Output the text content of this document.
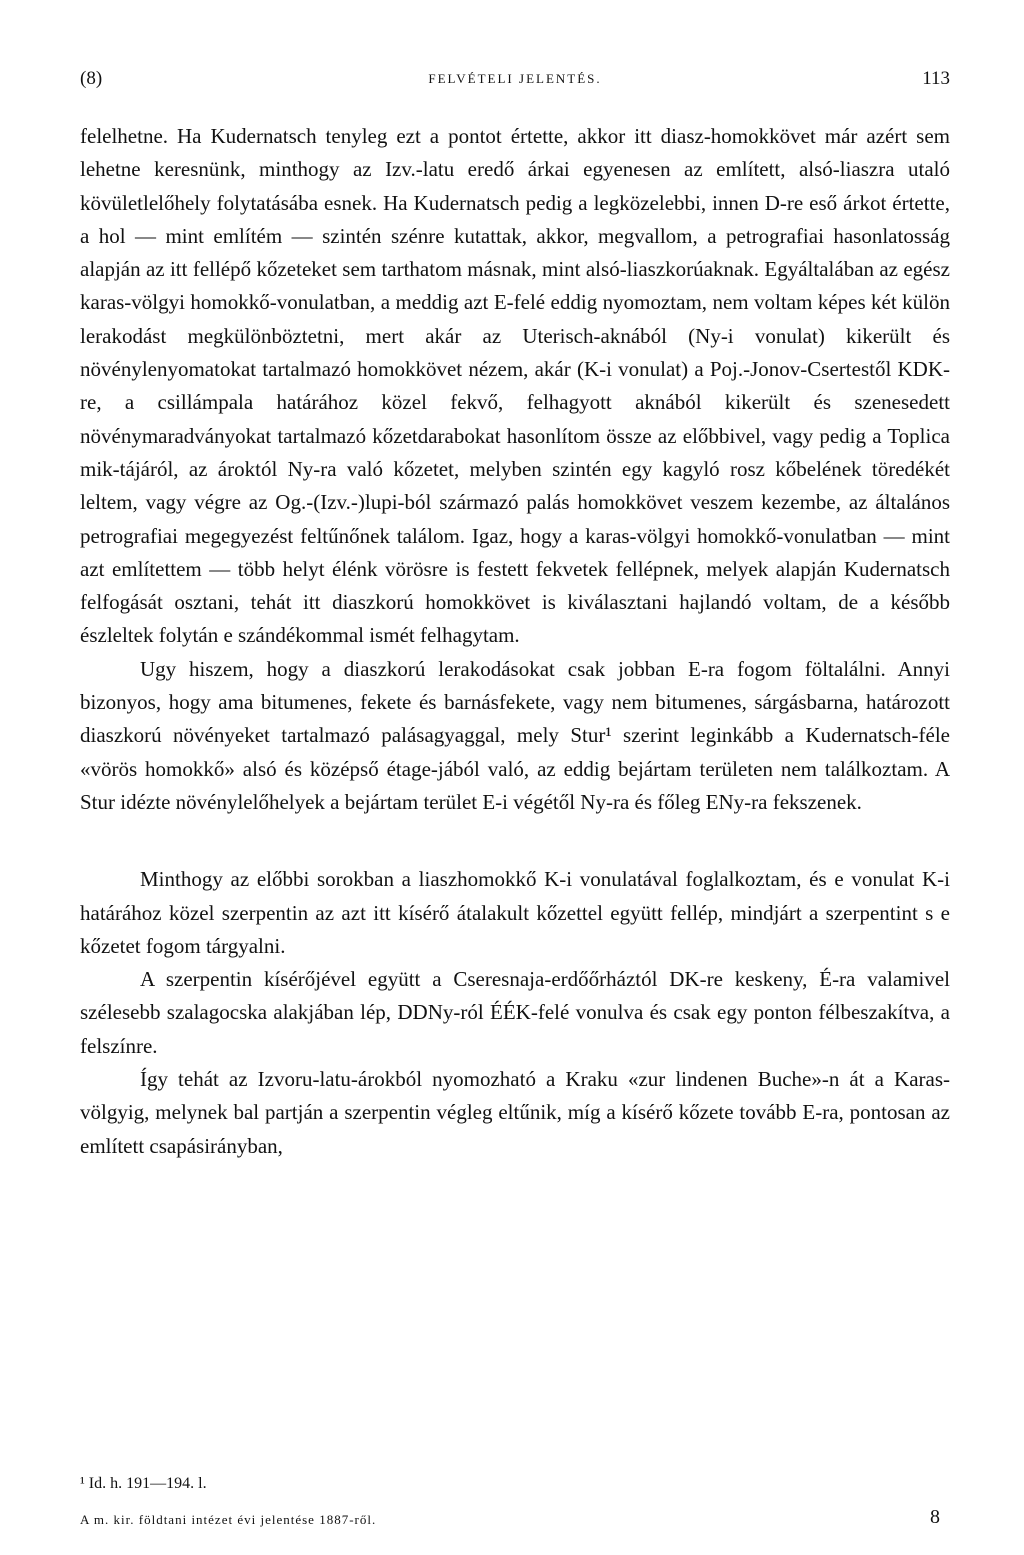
(8)	FELVÉTELI JELENTÉS.	113

felelhetne. Ha Kudernatsch tenyleg ezt a pontot értette, akkor itt diasz-homokkövet már azért sem lehetne keresnünk, minthogy az Izv.-latu eredő árkai egyenesen az említett, alsó-liaszra utaló kövületlelőhely folytatásába esnek. Ha Kudernatsch pedig a legközelebbi, innen D-re eső árkot értette, a hol — mint említém — szintén szénre kutattak, akkor, megvallom, a petrografiai hasonlatosság alapján az itt fellépő kőzeteket sem tarthatom másnak, mint alsó-liaszkorúaknak. Egyáltalában az egész karas-völgyi homokkő-vonulatban, a meddig azt E-felé eddig nyomoztam, nem voltam képes két külön lerakodást megkülönböztetni, mert akár az Uterisch-aknából (Ny-i vonulat) kikerült és növénylenyomatokat tartalmazó homokkövet nézem, akár (K-i vonulat) a Poj.-Jonov-Csertestől KDK-re, a csillámpala határához közel fekvő, felhagyott aknából kikerült és szenesedett növénymaradványokat tartalmazó kőzetdarabokat hasonlítom össze az előbbivel, vagy pedig a Toplica mik-tájáról, az ároktól Ny-ra való kőzetet, melyben szintén egy kagyló rosz kőbelének töredékét leltem, vagy végre az Og.-(Izv.-)lupi-ból származó palás homokkövet veszem kezembe, az általános petrografiai megegyezést feltűnőnek találom. Igaz, hogy a karas-völgyi homokkő-vonulatban — mint azt említettem — több helyt élénk vörösre is festett fekvetek fellépnek, melyek alapján Kudernatsch felfogását osztani, tehát itt diaszkorú homokkövet is kiválasztani hajlandó voltam, de a később észleltek folytán e szándékommal ismét felhagytam.

Ugy hiszem, hogy a diaszkorú lerakodásokat csak jobban E-ra fogom föltalálni. Annyi bizonyos, hogy ama bitumenes, fekete és barnásfekete, vagy nem bitumenes, sárgásbarna, határozott diaszkorú növényeket tartalmazó palásagyaggal, mely Stur¹ szerint leginkább a Kudernatsch-féle «vörös homokkő» alsó és középső étage-jából való, az eddig bejártam területen nem találkoztam. A Stur idézte növénylelőhelyek a bejártam terület E-i végétől Ny-ra és főleg ENy-ra fekszenek.

Minthogy az előbbi sorokban a liaszhomokkő K-i vonulatával foglalkoztam, és e vonulat K-i határához közel szerpentin az azt itt kísérő átalakult kőzettel együtt fellép, mindjárt a szerpentint s e kőzetet fogom tárgyalni.

A szerpentin kísérőjével együtt a Cseresnaja-erdőőrháztól DK-re keskeny, É-ra valamivel szélesebb szalagocska alakjában lép, DDNy-ról ÉÉK-felé vonulva és csak egy ponton félbeszakítva, a felszínre.

Így tehát az Izvoru-latu-árokból nyomozható a Kraku «zur lindenen Buche»-n át a Karas-völgyig, melynek bal partján a szerpentin végleg eltűnik, míg a kísérő kőzete tovább E-ra, pontosan az említett csapásirányban,

¹ Id. h. 191—194. l.
A m. kir. földtani intézet évi jelentése 1887-ről.	8
